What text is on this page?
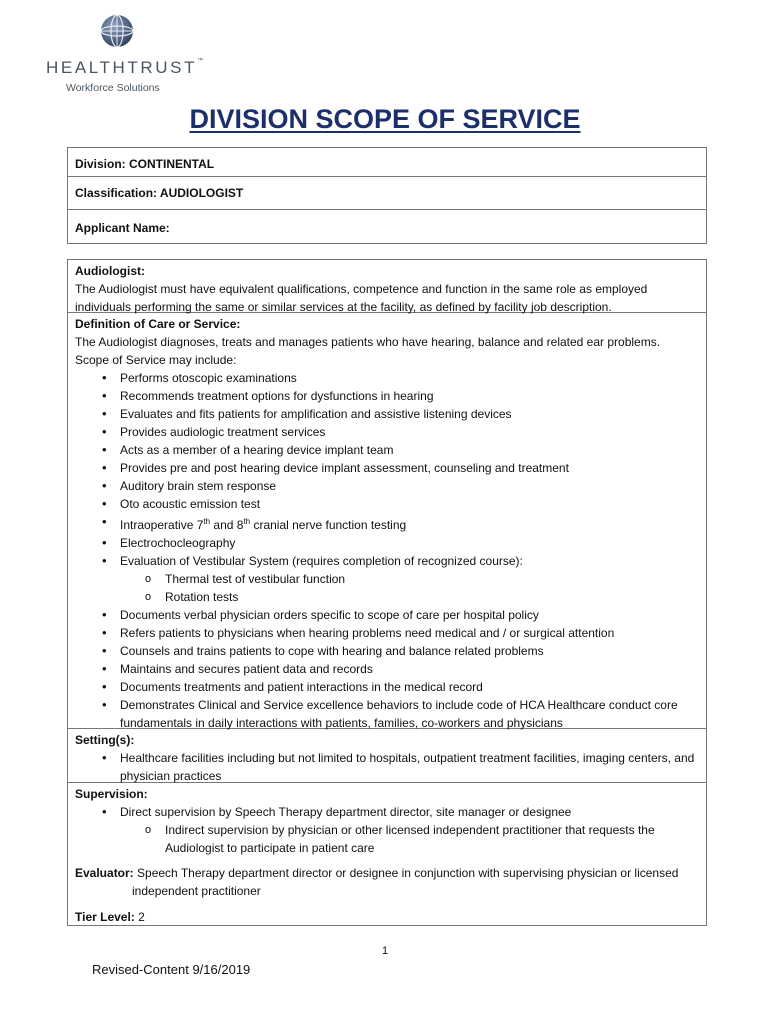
HEALTHTRUST™
Workforce Solutions
DIVISION SCOPE OF SERVICE
Division: CONTINENTAL
Classification: AUDIOLOGIST
Applicant Name:
Audiologist:
The Audiologist must have equivalent qualifications, competence and function in the same role as employed individuals performing the same or similar services at the facility, as defined by facility job description.
Definition of Care or Service:
The Audiologist diagnoses, treats and manages patients who have hearing, balance and related ear problems.
Scope of Service may include:
• Performs otoscopic examinations
• Recommends treatment options for dysfunctions in hearing
• Evaluates and fits patients for amplification and assistive listening devices
• Provides audiologic treatment services
• Acts as a member of a hearing device implant team
• Provides pre and post hearing device implant assessment, counseling and treatment
• Auditory brain stem response
• Oto acoustic emission test
• Intraoperative 7th and 8th cranial nerve function testing
• Electrochocleography
• Evaluation of Vestibular System (requires completion of recognized course):
o Thermal test of vestibular function
o Rotation tests
• Documents verbal physician orders specific to scope of care per hospital policy
• Refers patients to physicians when hearing problems need medical and / or surgical attention
• Counsels and trains patients to cope with hearing and balance related problems
• Maintains and secures patient data and records
• Documents treatments and patient interactions in the medical record
• Demonstrates Clinical and Service excellence behaviors to include code of HCA Healthcare conduct core fundamentals in daily interactions with patients, families, co-workers and physicians
Setting(s):
• Healthcare facilities including but not limited to hospitals, outpatient treatment facilities, imaging centers, and physician practices
Supervision:
• Direct supervision by Speech Therapy department director, site manager or designee
o Indirect supervision by physician or other licensed independent practitioner that requests the Audiologist to participate in patient care
Evaluator: Speech Therapy department director or designee in conjunction with supervising physician or licensed independent practitioner
Tier Level: 2
1
Revised-Content 9/16/2019
